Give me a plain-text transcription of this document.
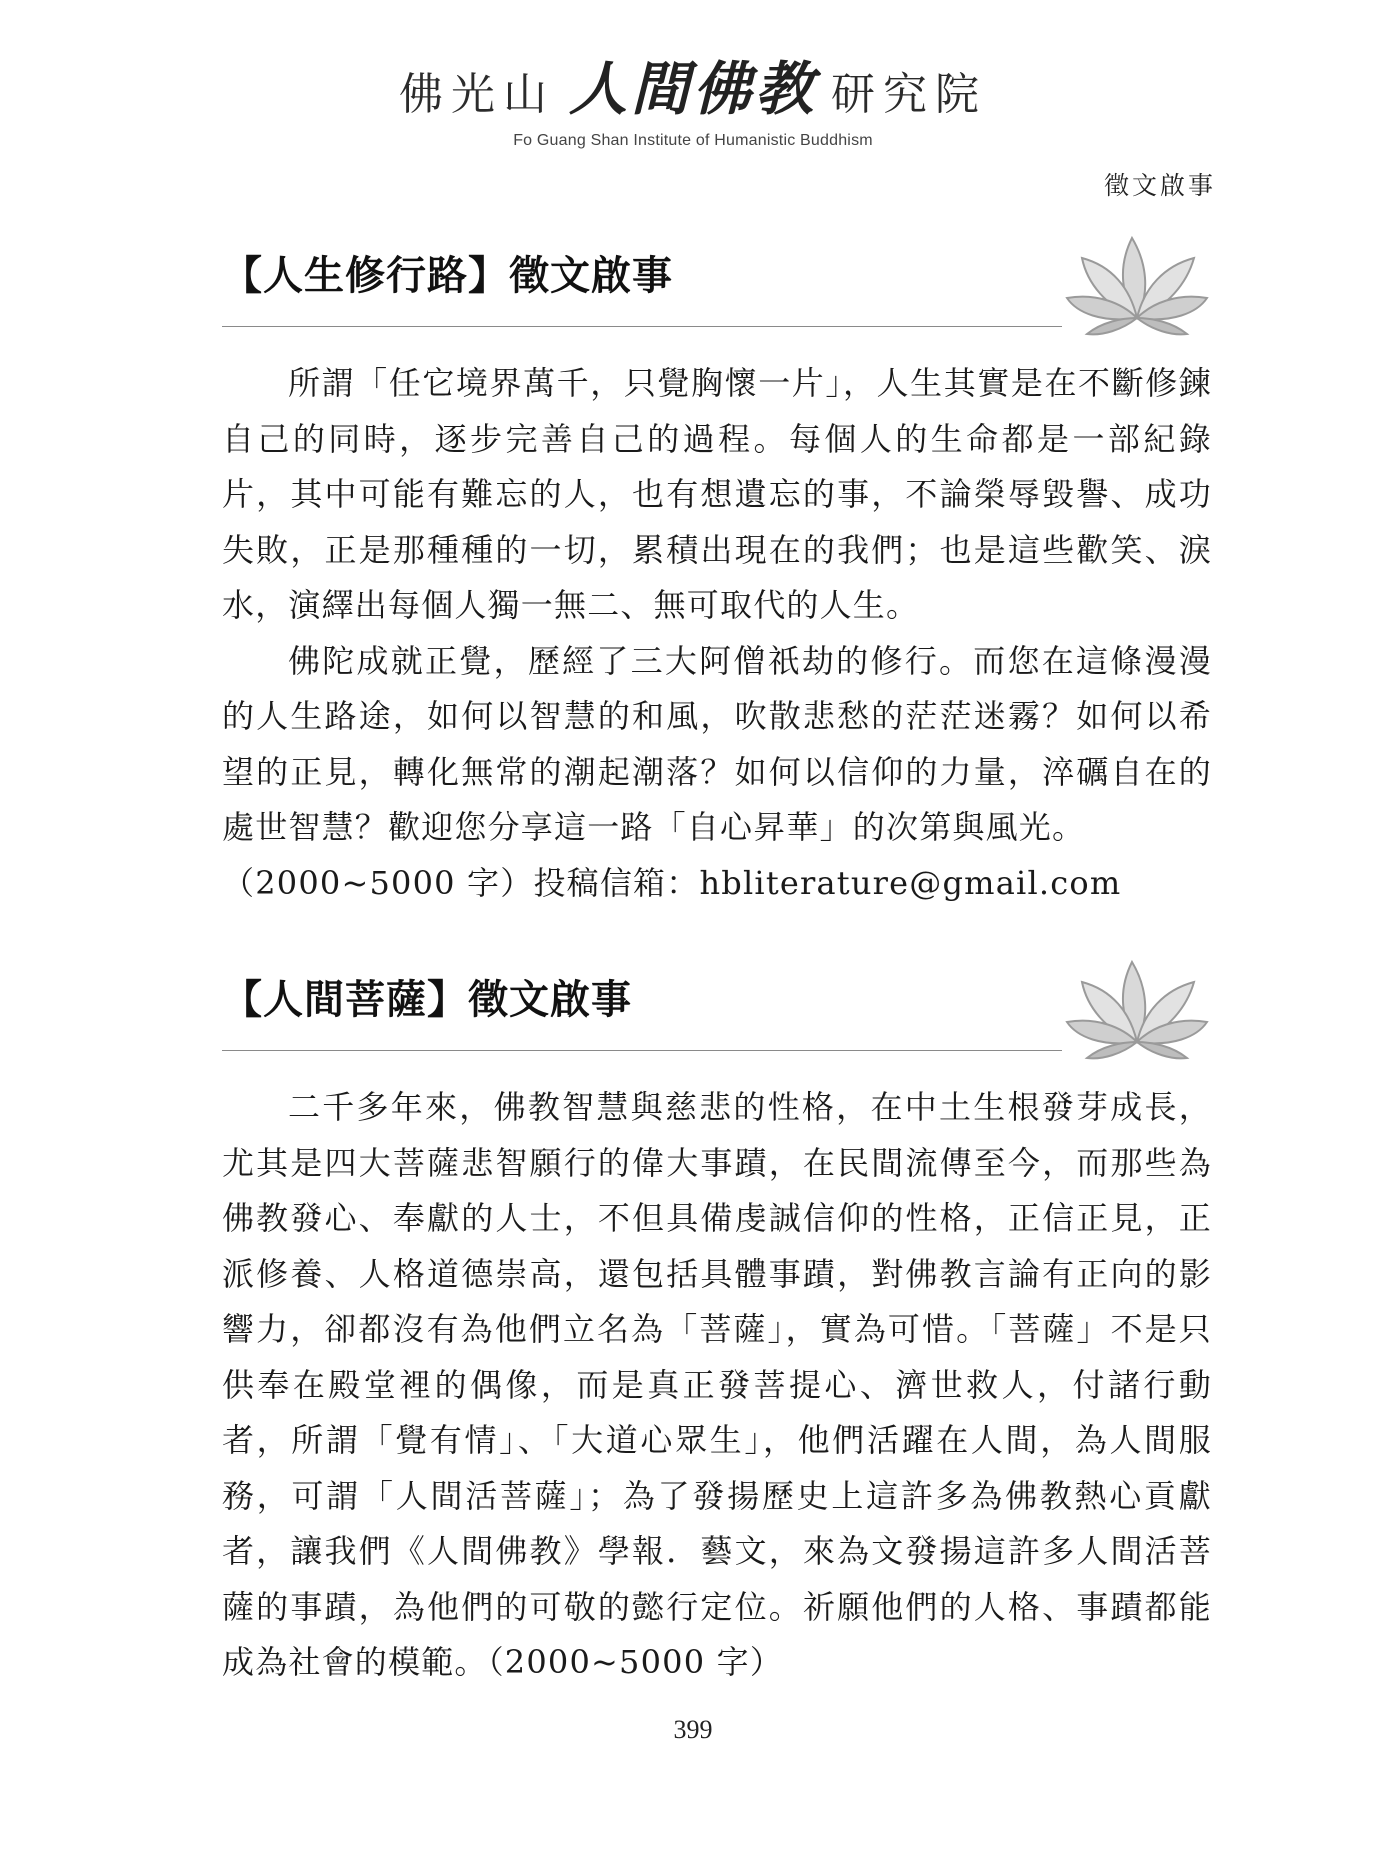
佛光山 人間佛教 研究院
Fo Guang Shan Institute of Humanistic Buddhism
徵文啟事
【人生修行路】徵文啟事

所謂「任它境界萬千，只覺胸懷一片」，人生其實是在不斷修鍊自己的同時，逐步完善自己的過程。每個人的生命都是一部紀錄片，其中可能有難忘的人，也有想遺忘的事，不論榮辱毀譽、成功失敗，正是那種種的一切，累積出現在的我們；也是這些歡笑、淚水，演繹出每個人獨一無二、無可取代的人生。

佛陀成就正覺，歷經了三大阿僧祇劫的修行。而您在這條漫漫的人生路途，如何以智慧的和風，吹散悲愁的茫茫迷霧？如何以希望的正見，轉化無常的潮起潮落？如何以信仰的力量，淬礪自在的處世智慧？歡迎您分享這一路「自心昇華」的次第與風光。

（2000~5000 字）投稿信箱：hbliterature@gmail.com

【人間菩薩】徵文啟事

二千多年來，佛教智慧與慈悲的性格，在中土生根發芽成長，尤其是四大菩薩悲智願行的偉大事蹟，在民間流傳至今，而那些為佛教發心、奉獻的人士，不但具備虔誠信仰的性格，正信正見，正派修養、人格道德崇高，還包括具體事蹟，對佛教言論有正向的影響力，卻都沒有為他們立名為「菩薩」，實為可惜。「菩薩」不是只供奉在殿堂裡的偶像，而是真正發菩提心、濟世救人，付諸行動者，所謂「覺有情」、「大道心眾生」，他們活躍在人間，為人間服務，可謂「人間活菩薩」；為了發揚歷史上這許多為佛教熱心貢獻者，讓我們《人間佛教》學報．藝文，來為文發揚這許多人間活菩薩的事蹟，為他們的可敬的懿行定位。祈願他們的人格、事蹟都能成為社會的模範。（2000~5000 字）

399
